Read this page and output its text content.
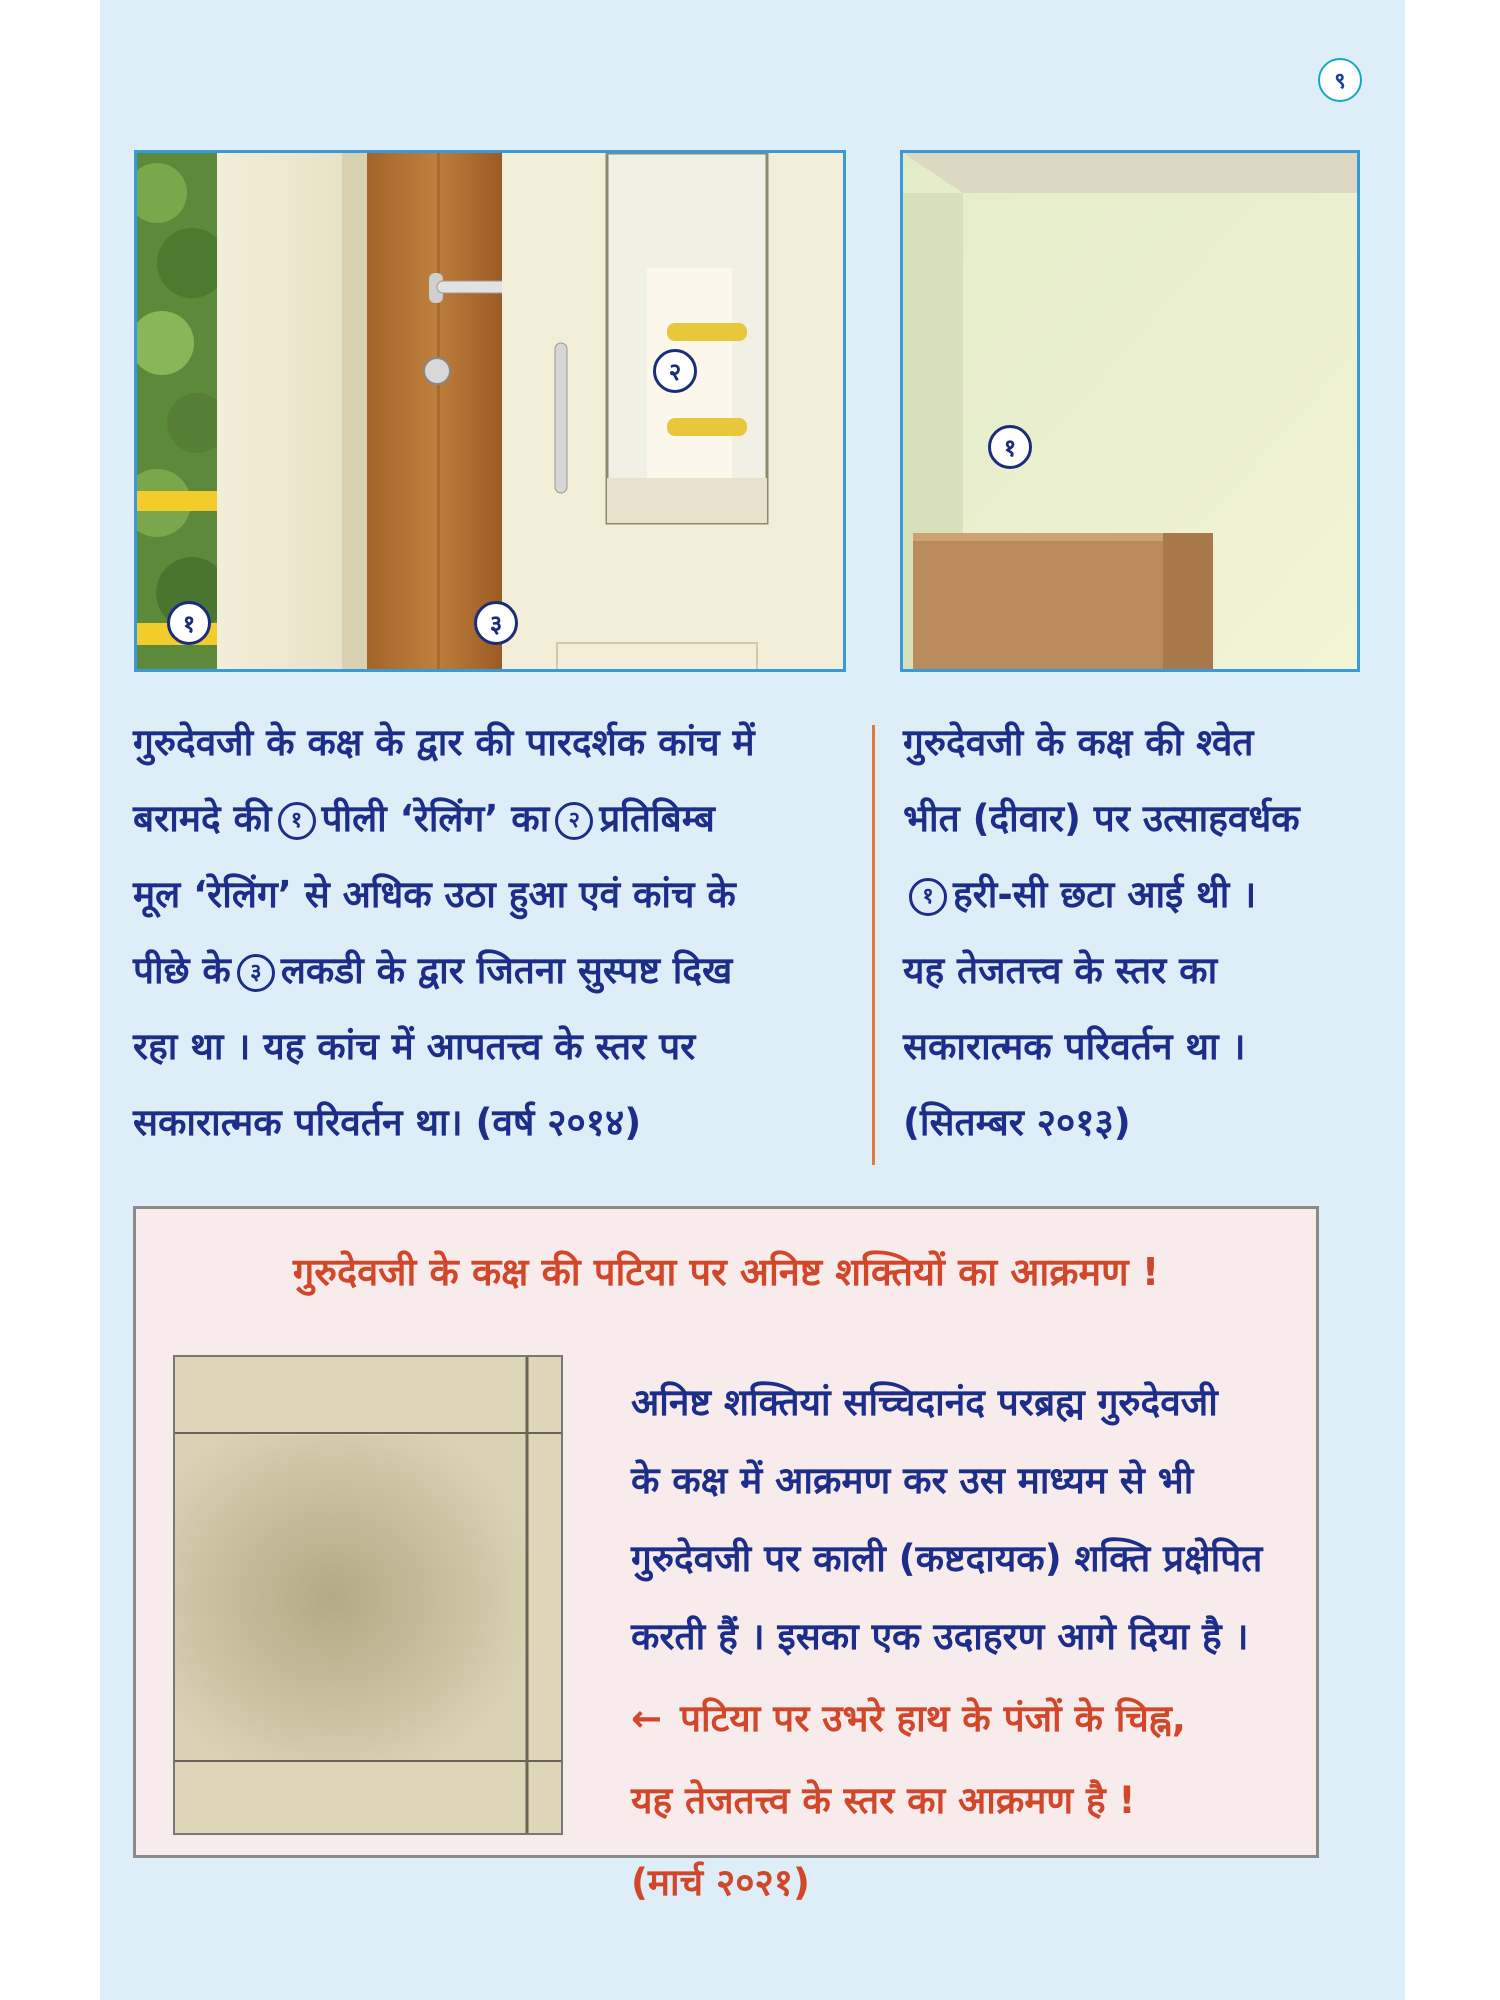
९
१
२
३
१

गुरुदेवजी के कक्ष के द्वार की पारदर्शक कांच में

बरामदे की १ पीली ‘रेलिंग’ का २ प्रतिबिम्ब

मूल ‘रेलिंग’ से अधिक उठा हुआ एवं कांच के

पीछे के ३ लकडी के द्वार जितना सुस्पष्ट दिख

रहा था । यह कांच में आपतत्त्व के स्तर पर

सकारात्मक परिवर्तन था। (वर्ष २०१४)

गुरुदेवजी के कक्ष की श्वेत

भीत (दीवार) पर उत्साहवर्धक

१ हरी-सी छटा आई थी ।

यह तेजतत्त्व के स्तर का

सकारात्मक परिवर्तन था ।

(सितम्बर २०१३)

गुरुदेवजी के कक्ष की पटिया पर अनिष्ट शक्तियों का आक्रमण !

अनिष्ट शक्तियां सच्चिदानंद परब्रह्म गुरुदेवजी

के कक्ष में आक्रमण कर उस माध्यम से भी

गुरुदेवजी पर काली (कष्टदायक) शक्ति प्रक्षेपित

करती हैं । इसका एक उदाहरण आगे दिया है ।

← पटिया पर उभरे हाथ के पंजों के चिह्न,

यह तेजतत्त्व के स्तर का आक्रमण है !

(मार्च २०२१)
